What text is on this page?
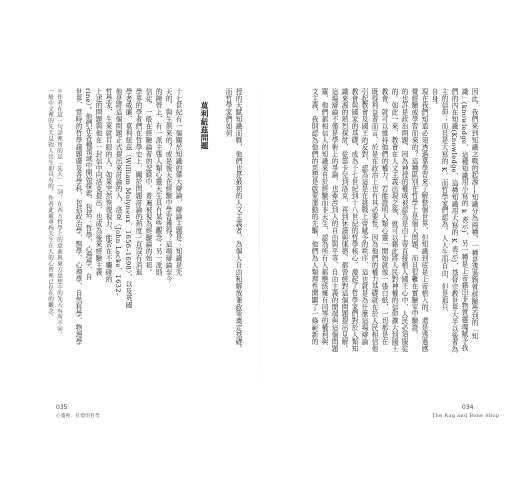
授的天賦知識而戰，他們也是最初的人文主義者，為個人自由和解放兼政策奠定基礎。
而哲學家們如何
莫利紐茲問題
十七世紀有一個關於知識的偉大辯論，辯論主題是：知識是先
天的，與生俱來的？或是後天在經驗中學習獲得？這場辯論至今
的陣營上，有一派主張人類心靈天生具有某些觀念；另一派則
信徒，一般在經驗論者的記錄中，普遍被視為經驗論的始祖。
學界的學者們在哲學史上，關於問題討論的熱度一直沒有消退
學者威廉．莫利紐茲（William Molyneux，1656–1698），以及英國
他是將這個問題正式提出來討論的人，洛克（John Locke，1632–
哲學家，生來就盲眼的人，如果突然恢復視力，能否在不觸碰的
上述的問題與他在一封信中向洛克提出，也成為後來經驗主義
rine）。他們在各種領域中開始探索，包括：哲學、心理學、自
世界，當時的哲學議題廣及各學科，包括政治學、醫學、心理學、自然科學、物理學
＊作者在這一句話裡用的是「先天」一詞，在西方哲學上的意義與東方思想中的先天有所不同。
一般中文裡的先天是指人出生即具有的，作者此處專指天生在人的心智裡已存在的觀念。	因此，我們來到知識之戰的起源──知識分為兩種，一種是透過物質經驗學到的「知
識」(knowledge，這種知識用小寫的 k 表示)，另一種是上帝藉由非物質靈魂賦予我
們的內在知識(Knowledge，這種知識用大寫的 K 表示)，基督宗教世界大半以後者為
主的信仰；而且是大寫的 K，而哲學家們認為，人人生而自由，但是那只
自身。
現在我們知道必須透過靠學習來了解整個世界，但知識到底是上帝植入的，還是透過感
覺經驗或學習而來的？這種區別在哲學上是個大問題，而且很難在實驗室中驗證。
的也許是政治問題，因為神授的權威被認為是由上帝直接植入國王心中，人民必須服從
的。如此一來，教會在人文主義出現之後，就可以藉此將人民對神權的信仰擴大到國王
教會，就可以維持他們的權力。若能證明人類心靈一開始就像一張白紙，一切都是在
既得利益者而言，於是在政治上也有其必要性，因為他們的權力基礎就在於人民相信他
引起教會及國王的反對，認為這是在挑戰上帝賦予的秩序，這也就是為什麼這場辯論
教會與國家的基礎，成為十七世紀到十八世紀的哲學核心，激起了哲學家們對於人類知
識來源的熱烈探討，從笛卡兒到洛克，再到休謨與康德，都曾經對這個問題提出見解。
這場辯論不僅是學術上的爭論，也牽涉到人的自由與平等，自由主義的開端與這個問題
羅，他們都相信人的知識來自於經驗而非天生，認為所有人都應該擁有同等的權利與
文主義，我則認為他們的思想是啟蒙運動的先驅，他們為人類理性開闢了一條嶄新的
035
心霧裡．紅燈的哲學
034
The Rag and Bone Shop
